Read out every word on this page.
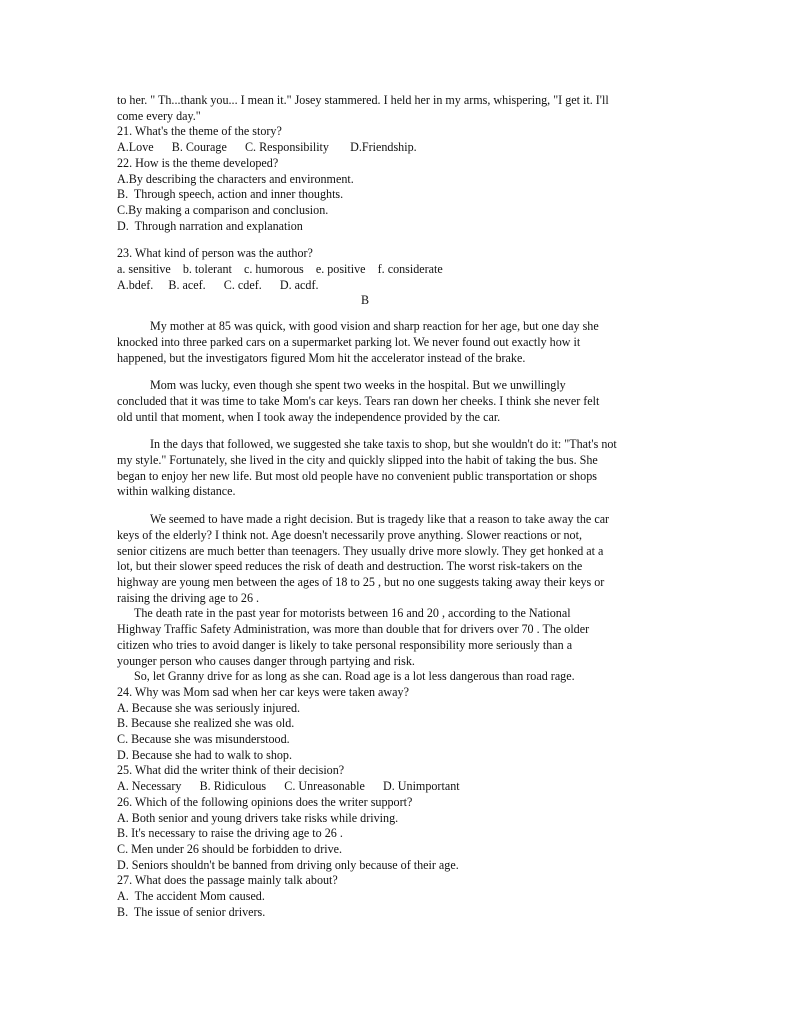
to her. " Th...thank you... I mean it." Josey stammered. I held her in my arms, whispering, "I get it. I'll

come every day."

21. What's the theme of the story?

A.Love      B. Courage      C. Responsibility       D.Friendship.

22. How is the theme developed?

A.By describing the characters and environment.

B.  Through speech, action and inner thoughts.

C.By making a comparison and conclusion.

D.  Through narration and explanation

23. What kind of person was the author?

a. sensitive    b. tolerant    c. humorous    e. positive    f. considerate

A.bdef.     B. acef.      C. cdef.      D. acdf.

B

My mother at 85 was quick, with good vision and sharp reaction for her age, but one day she

knocked into three parked cars on a supermarket parking lot. We never found out exactly how it

happened, but the investigators figured Mom hit the accelerator instead of the brake.

Mom was lucky, even though she spent two weeks in the hospital. But we unwillingly

concluded that it was time to take Mom's car keys. Tears ran down her cheeks. I think she never felt

old until that moment, when I took away the independence provided by the car.

In the days that followed, we suggested she take taxis to shop, but she wouldn't do it: "That's not

my style." Fortunately, she lived in the city and quickly slipped into the habit of taking the bus. She

began to enjoy her new life. But most old people have no convenient public transportation or shops

within walking distance.

We seemed to have made a right decision. But is tragedy like that a reason to take away the car

keys of the elderly? I think not. Age doesn't necessarily prove anything. Slower reactions or not,

senior citizens are much better than teenagers. They usually drive more slowly. They get honked at a

lot, but their slower speed reduces the risk of death and destruction. The worst risk-takers on the

highway are young men between the ages of 18 to 25 , but no one suggests taking away their keys or

raising the driving age to 26 .

The death rate in the past year for motorists between 16 and 20 , according to the National

Highway Traffic Safety Administration, was more than double that for drivers over 70 . The older

citizen who tries to avoid danger is likely to take personal responsibility more seriously than a

younger person who causes danger through partying and risk.

So, let Granny drive for as long as she can. Road age is a lot less dangerous than road rage.

24. Why was Mom sad when her car keys were taken away?

A. Because she was seriously injured.

B. Because she realized she was old.

C. Because she was misunderstood.

D. Because she had to walk to shop.

25. What did the writer think of their decision?

A. Necessary      B. Ridiculous      C. Unreasonable      D. Unimportant

26. Which of the following opinions does the writer support?

A. Both senior and young drivers take risks while driving.

B. It's necessary to raise the driving age to 26 .

C. Men under 26 should be forbidden to drive.

D. Seniors shouldn't be banned from driving only because of their age.

27. What does the passage mainly talk about?

A.  The accident Mom caused.

B.  The issue of senior drivers.
